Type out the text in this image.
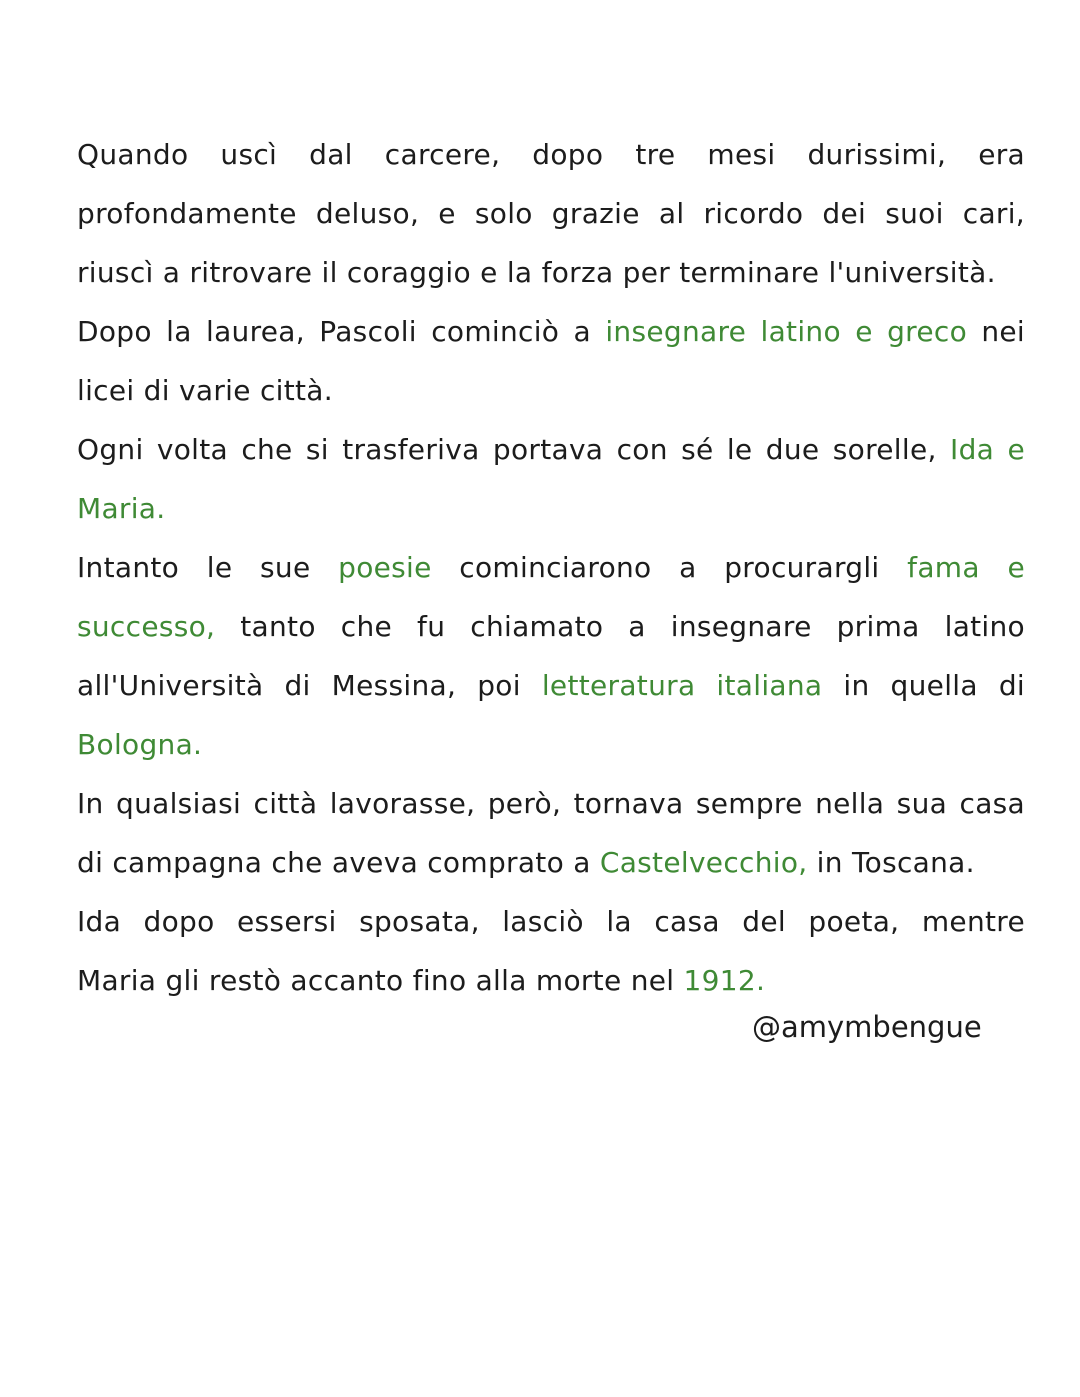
Quando uscì dal carcere, dopo tre mesi durissimi, era
profondamente deluso, e solo grazie al ricordo dei suoi cari,
riuscì a ritrovare il coraggio e la forza per terminare l'università.
Dopo la laurea, Pascoli cominciò a insegnare latino e greco nei
licei di varie città.
Ogni volta che si trasferiva portava con sé le due sorelle, Ida e
Maria.
Intanto le sue poesie cominciarono a procurargli fama e
successo, tanto che fu chiamato a insegnare prima latino
all'Università di Messina, poi letteratura italiana in quella di
Bologna.
In qualsiasi città lavorasse, però, tornava sempre nella sua casa
di campagna che aveva comprato a Castelvecchio, in Toscana.
Ida dopo essersi sposata, lasciò la casa del poeta, mentre
Maria gli restò accanto fino alla morte nel 1912.
@amymbengue
